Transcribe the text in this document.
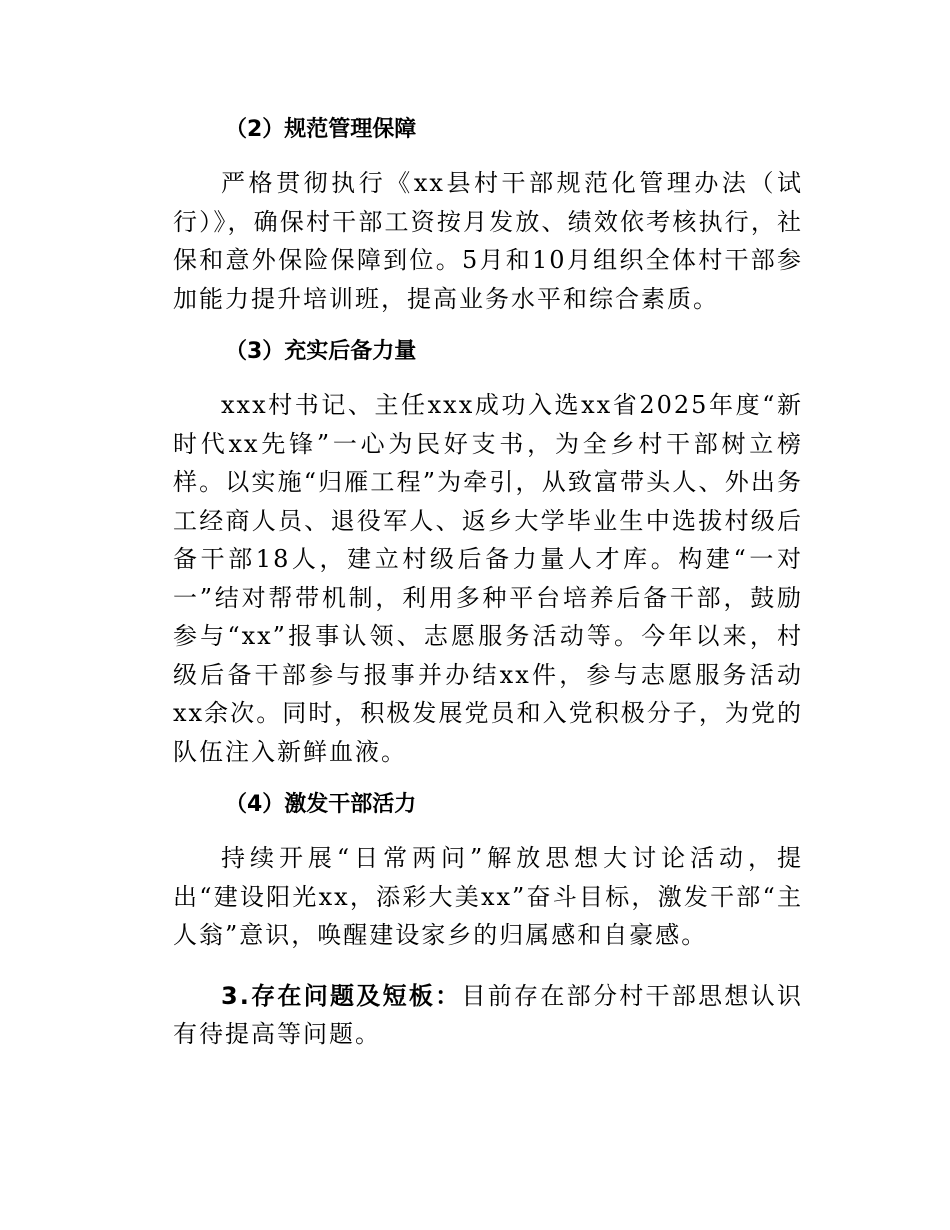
（2）规范管理保障

严格贯彻执行《xx县村干部规范化管理办法（试行）》，确保村干部工资按月发放、绩效依考核执行，社保和意外保险保障到位。5月和10月组织全体村干部参加能力提升培训班，提高业务水平和综合素质。

（3）充实后备力量

xxx村书记、主任xxx成功入选xx省2025年度“新时代xx先锋”一心为民好支书，为全乡村干部树立榜样。以实施“归雁工程”为牵引，从致富带头人、外出务工经商人员、退役军人、返乡大学毕业生中选拔村级后备干部18人，建立村级后备力量人才库。构建“一对一”结对帮带机制，利用多种平台培养后备干部，鼓励参与“xx”报事认领、志愿服务活动等。今年以来，村级后备干部参与报事并办结xx件，参与志愿服务活动xx余次。同时，积极发展党员和入党积极分子，为党的队伍注入新鲜血液。

（4）激发干部活力

持续开展“日常两问”解放思想大讨论活动，提出“建设阳光xx，添彩大美xx”奋斗目标，激发干部“主人翁”意识，唤醒建设家乡的归属感和自豪感。

3.存在问题及短板：目前存在部分村干部思想认识有待提高等问题。
